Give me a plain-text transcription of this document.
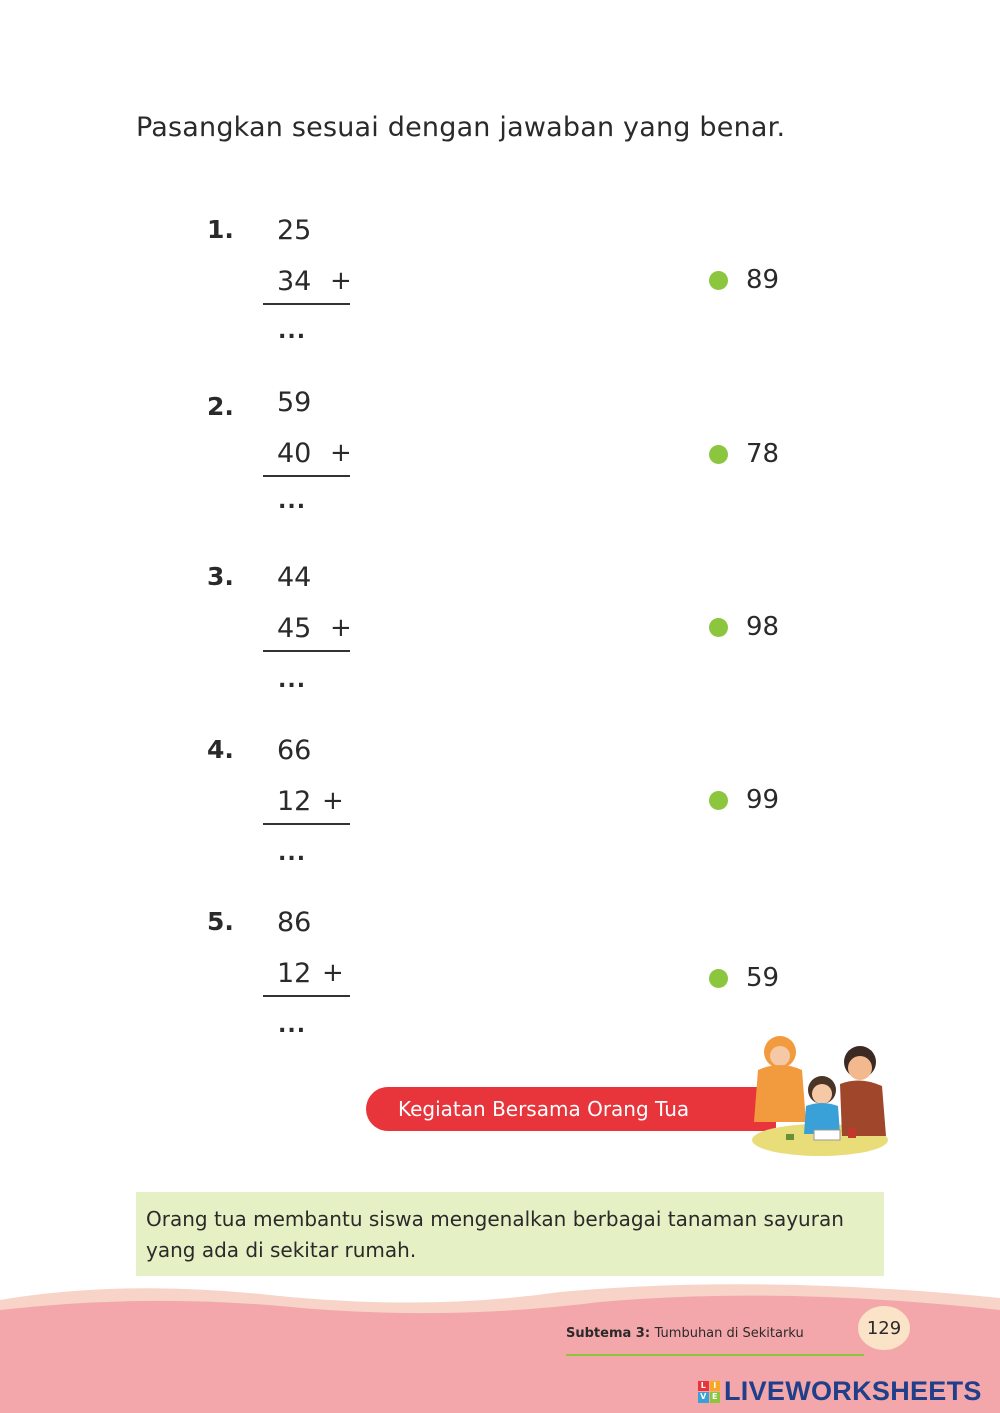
Pasangkan sesuai dengan jawaban yang benar.
1. 25
34 +
...
89
2. 59
40 +
...
78
3. 44
45 +
...
98
4. 66
12 +
...
99
5. 86
12 +
...
59
Kegiatan Bersama Orang Tua
Orang tua membantu siswa mengenalkan berbagai tanaman sayuran yang ada di sekitar rumah.
Subtema 3: Tumbuhan di Sekitarku	129
L I
V E LIVEWORKSHEETS
